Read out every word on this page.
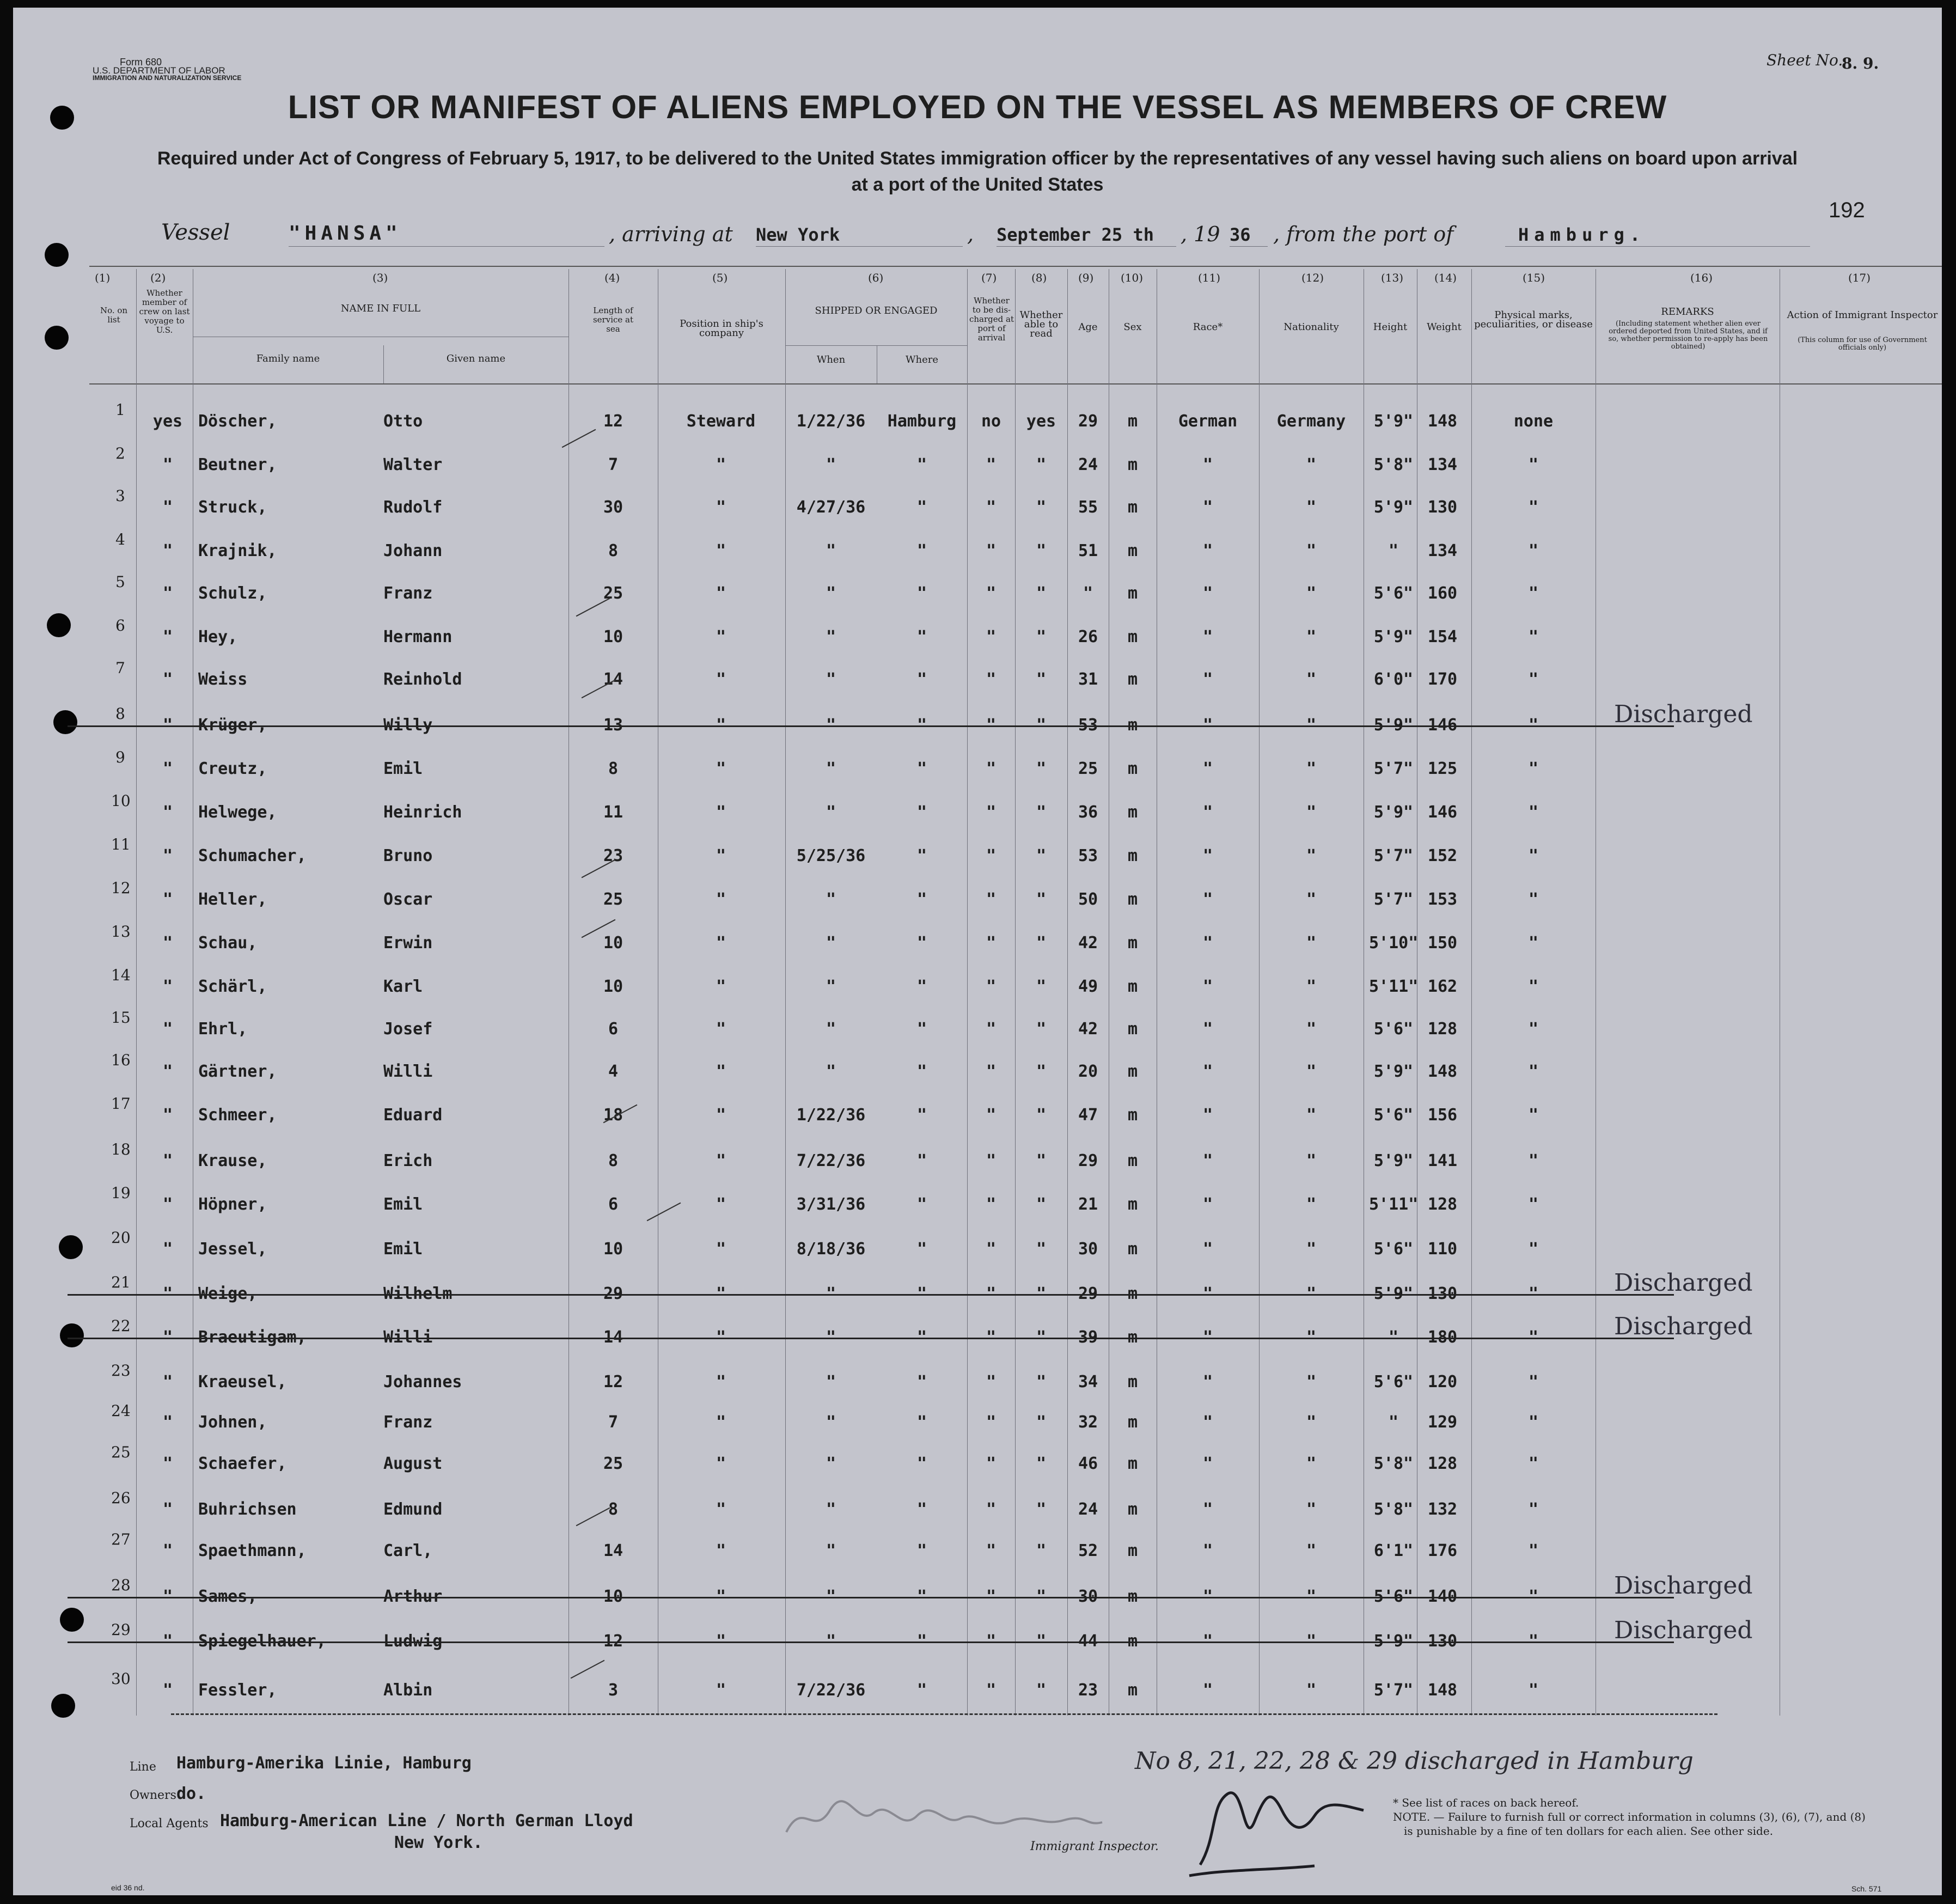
Form 680
U.S. DEPARTMENT OF LABOR
IMMIGRATION AND NATURALIZATION SERVICE
Sheet No.
8. 9.
192
LIST OR MANIFEST OF ALIENS EMPLOYED ON THE VESSEL AS MEMBERS OF CREW
Required under Act of Congress of February 5, 1917, to be delivered to the United States immigration officer by the representatives of any vessel having such aliens on board upon arrival
at a port of the United States
Vessel	"HANSA"	, arriving at New York	, September 25 th , 19 36 , from the port of	Hamburg.
(1)	(2)	(3)	(4)	(5)	(6)	(7)	(8)	(9) (10)	(11)	(12)	(13)	(14)	(15)	(16)	(17)
No. on list
Whether member of crew on last voyage to U.S.
NAME IN FULL
Family name	Given name
Length of service at sea	Position in ship's company
SHIPPED OR ENGAGED
When	Where
Whether to be dis-charged at port of arrival
Whether able to read
Age	Sex	Race*	Nationality	Height	Weight
Physical marks, peculiarities, or disease
REMARKS
(Including statement whether alien ever ordered deported from United States, and if so, whether permission to re-apply has been obtained)
Action of Immigrant Inspector
(This column for use of Government officials only)
1
yes Döscher,	Otto	12	Steward	1/22/36	Hamburg	no	yes	29	m	German	Germany	5'9" 148	none
2
"	Beutner,	Walter	7	"	"	"	"	"	24	m	"	"	5'8" 134	"
3
"	Struck,	Rudolf	30	"	4/27/36	"	"	"	55	m	"	"	5'9" 130	"
4
"	Krajnik,	Johann	8	"	"	"	"	"	51	m	"	"	"	134	"
5
"	Schulz,	Franz	25	"	"	"	"	"	"	m	"	"	5'6" 160	"
6
"	Hey,	Hermann	10	"	"	"	"	"	26	m	"	"	5'9" 154	"
7
"	Weiss	Reinhold	14	"	"	"	"	"	31	m	"	"	6'0" 170	"
8
"	Krüger,	Willy	13	"	"	"	"	"	53	m	"	"	5'9" 146	"	Discharged
9
"	Creutz,	Emil	8	"	"	"	"	"	25	m	"	"	5'7" 125	"
10
"	Helwege,	Heinrich	11	"	"	"	"	"	36	m	"	"	5'9" 146	"
11
"	Schumacher,	Bruno	23	"	5/25/36	"	"	"	53	m	"	"	5'7" 152	"
12
"	Heller,	Oscar	25	"	"	"	"	"	50	m	"	"	5'7" 153	"
13
"	Schau,	Erwin	10	"	"	"	"	"	42	m	"	"	5'10" 150	"
14
"	Schärl,	Karl	10	"	"	"	"	"	49	m	"	"	5'11" 162	"
15
"	Ehrl,	Josef	6	"	"	"	"	"	42	m	"	"	5'6" 128	"
16
"	Gärtner,	Willi	4	"	"	"	"	"	20	m	"	"	5'9" 148	"
17
"	Schmeer,	Eduard	18	"	1/22/36	"	"	"	47	m	"	"	5'6" 156	"
18
"	Krause,	Erich	8	"	7/22/36	"	"	"	29	m	"	"	5'9" 141	"
19
"	Höpner,	Emil	6	"	3/31/36	"	"	"	21	m	"	"	5'11" 128	"
20
"	Jessel,	Emil	10	"	8/18/36	"	"	"	30	m	"	"	5'6" 110	"
21
"	Weige,	Wilhelm	29	"	"	"	"	"	29	m	"	"	5'9" 130	"	Discharged
22
"	Braeutigam,	Willi	14	"	"	"	"	"	39	m	"	"	"	180	"	Discharged
23
"	Kraeusel,	Johannes	12	"	"	"	"	"	34	m	"	"	5'6" 120	"
24
"	Johnen,	Franz	7	"	"	"	"	"	32	m	"	"	"	129	"
25
"	Schaefer,	August	25	"	"	"	"	"	46	m	"	"	5'8" 128	"
26
"	Buhrichsen	Edmund	8	"	"	"	"	"	24	m	"	"	5'8" 132	"
27
"	Spaethmann,	Carl,	14	"	"	"	"	"	52	m	"	"	6'1" 176	"
28
"	Sames,	Arthur	10	"	"	"	"	"	30	m	"	"	5'6" 140	"	Discharged
29
"	Spiegelhauer,	Ludwig	12	"	"	"	"	"	44	m	"	"	5'9" 130	"	Discharged
30
"	Fessler,	Albin	3	"	7/22/36	"	"	"	23	m	"	"	5'7" 148	"
No 8, 21, 22, 28 & 29 discharged in Hamburg
Line Hamburg-Amerika Linie, Hamburg
Owners do.
Local Agents Hamburg-American Line / North German Lloyd
New York.	Immigrant Inspector.
* See list of races on back hereof.
NOTE. — Failure to furnish full or correct information in columns (3), (6), (7), and (8)
is punishable by a fine of ten dollars for each alien. See other side.
eid 36 nd.	Sch. 571
